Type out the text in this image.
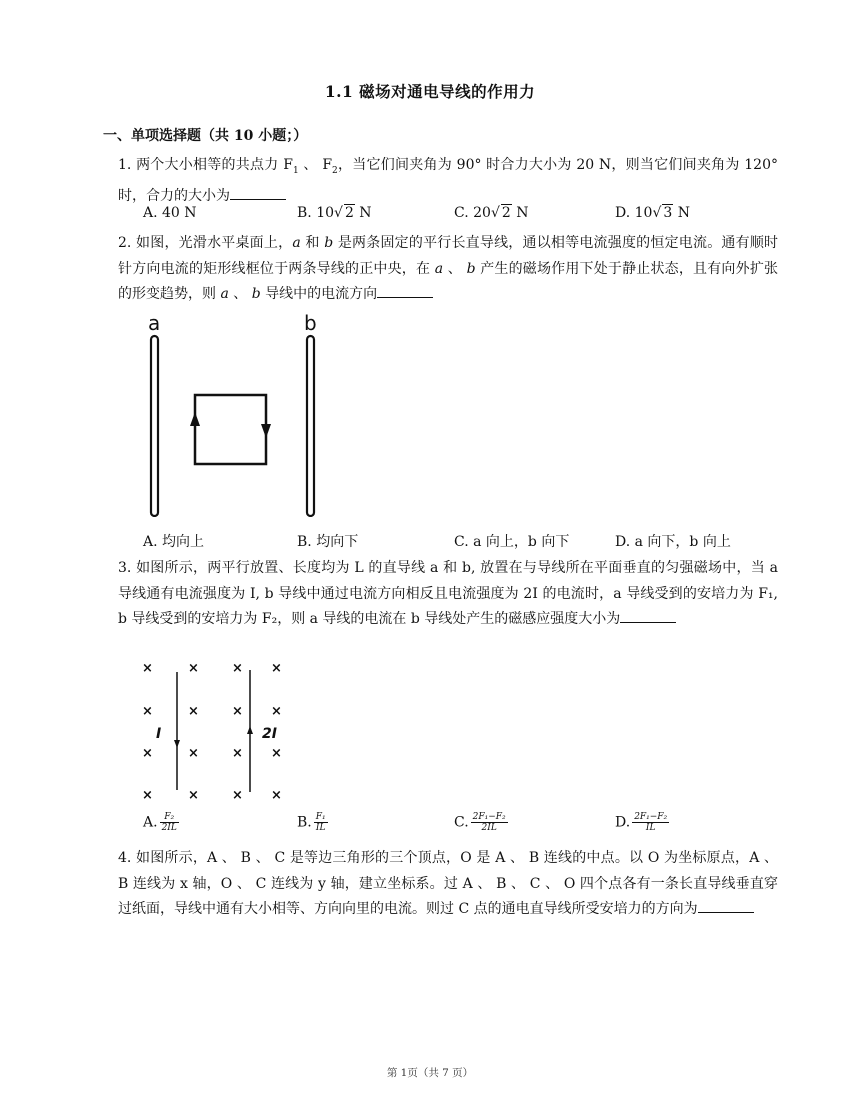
1.1 磁场对通电导线的作用力
一、单项选择题（共 10 小题；）
1. 两个大小相等的共点力 $F_1$ 、 $F_2$，当它们间夹角为 90° 时合力大小为 20 N，则当它们间夹角为 120° 时，合力的大小为
A. 40 N	B. 10√ 2 N	C. 20√ 2 N	D. 10√ 3 N
2. 如图，光滑水平桌面上，a 和 b 是两条固定的平行长直导线，通以相等电流强度的恒定电流。通有顺时针方向电流的矩形线框位于两条导线的正中央，在 a 、 b 产生的磁场作用下处于静止状态，且有向外扩张的形变趋势，则 a 、 b 导线中的电流方向
a	b
A. 均向上	B. 均向下	C. a 向上，b 向下	D. a 向下，b 向上
3. 如图所示，两平行放置、长度均为 L 的直导线 a 和 b, 放置在与导线所在平面垂直的匀强磁场中，当 a 导线通有电流强度为 I, b 导线中通过电流方向相反且电流强度为 2I 的电流时，a 导线受到的安培力为 F₁, b 导线受到的安培力为 F₂，则 a 导线的电流在 b 导线处产生的磁感应强度大小为
×	×	× ×
×	×	× ×
×	×	× ×
×	×	× ×
I	2I
A. $\frac{\text{F₂}}{2IL}$	B. $\frac{\text{F₁}}{IL}$	C. $\frac{\text{2F₁−F₂}}{2IL}$	D. $\frac{\text{2F₁−F₂}}{IL}$
4. 如图所示，A 、 B 、 C 是等边三角形的三个顶点，O 是 A 、 B 连线的中点。以 O 为坐标原点，A 、 B 连线为 x 轴，O 、 C 连线为 y 轴，建立坐标系。过 A 、 B 、 C 、 O 四个点各有一条长直导线垂直穿过纸面，导线中通有大小相等、方向向里的电流。则过 C 点的通电直导线所受安培力的方向为
第 1页（共 7 页）
